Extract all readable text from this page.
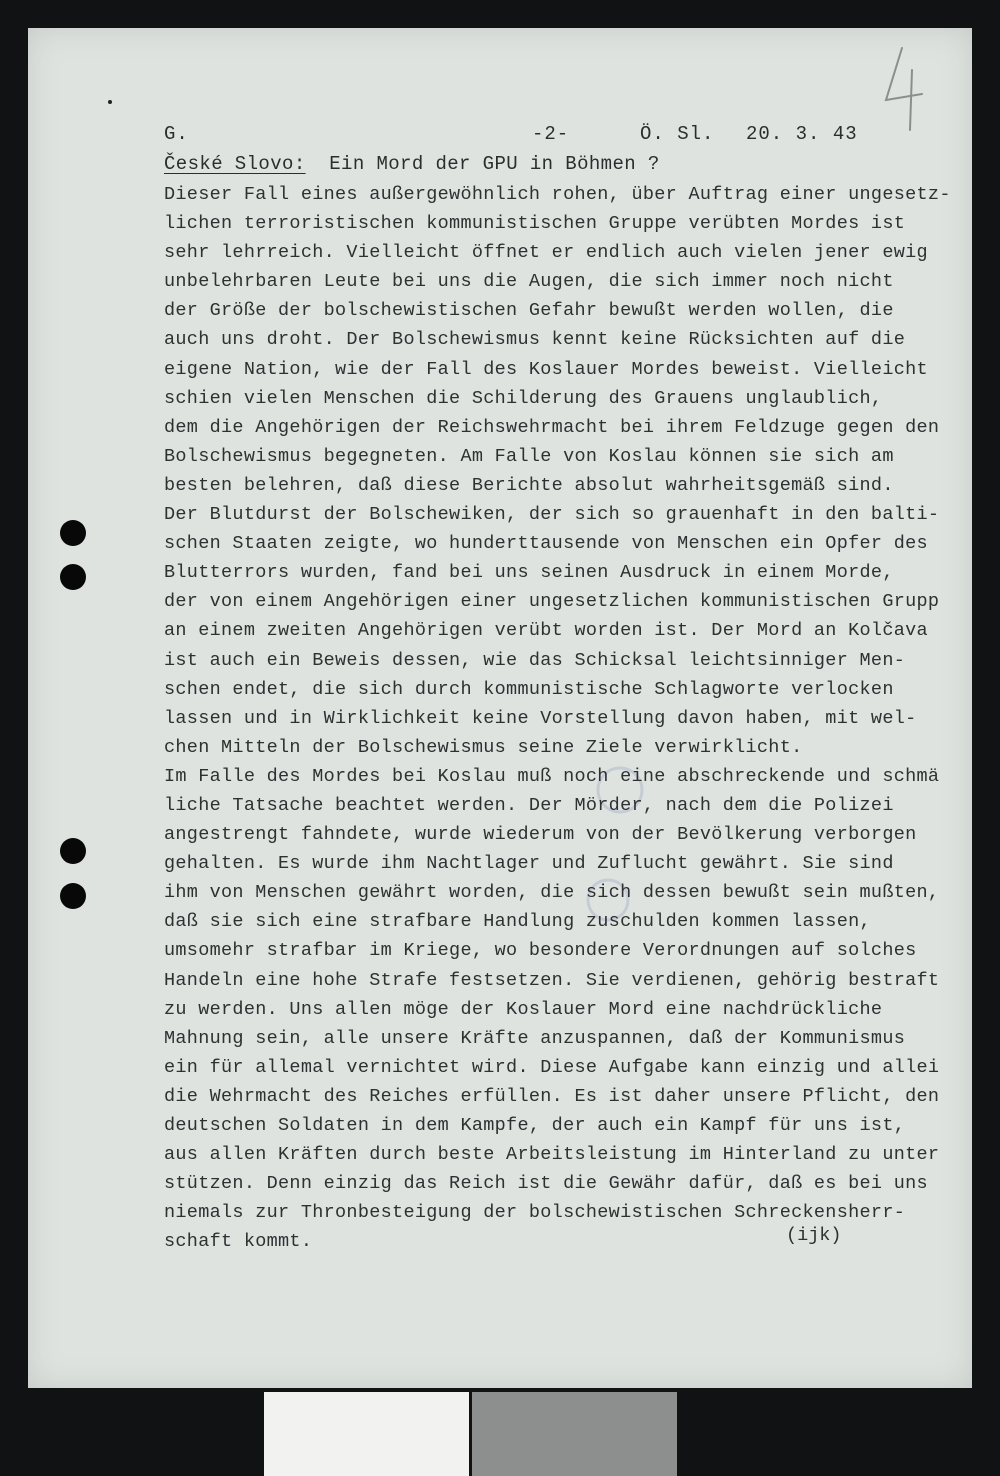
4
G.	-2-	Ö. Sl. 20. 3. 43
České Slovo: Ein Mord der GPU in Böhmen ?
Dieser Fall eines außergewöhnlich rohen, über Auftrag einer ungesetz-
lichen terroristischen kommunistischen Gruppe verübten Mordes ist
sehr lehrreich. Vielleicht öffnet er endlich auch vielen jener ewig
unbelehrbaren Leute bei uns die Augen, die sich immer noch nicht
der Größe der bolschewistischen Gefahr bewußt werden wollen, die
auch uns droht. Der Bolschewismus kennt keine Rücksichten auf die
eigene Nation, wie der Fall des Koslauer Mordes beweist. Vielleicht
schien vielen Menschen die Schilderung des Grauens unglaublich,
dem die Angehörigen der Reichswehrmacht bei ihrem Feldzuge gegen den
Bolschewismus begegneten. Am Falle von Koslau können sie sich am
besten belehren, daß diese Berichte absolut wahrheitsgemäß sind.
Der Blutdurst der Bolschewiken, der sich so grauenhaft in den balti-
schen Staaten zeigte, wo hunderttausende von Menschen ein Opfer des
Blutterrors wurden, fand bei uns seinen Ausdruck in einem Morde,
der von einem Angehörigen einer ungesetzlichen kommunistischen Grupp
an einem zweiten Angehörigen verübt worden ist. Der Mord an Kolčava
ist auch ein Beweis dessen, wie das Schicksal leichtsinniger Men-
schen endet, die sich durch kommunistische Schlagworte verlocken
lassen und in Wirklichkeit keine Vorstellung davon haben, mit wel-
chen Mitteln der Bolschewismus seine Ziele verwirklicht.
Im Falle des Mordes bei Koslau muß noch eine abschreckende und schmä
liche Tatsache beachtet werden. Der Mörder, nach dem die Polizei
angestrengt fahndete, wurde wiederum von der Bevölkerung verborgen
gehalten. Es wurde ihm Nachtlager und Zuflucht gewährt. Sie sind
ihm von Menschen gewährt worden, die sich dessen bewußt sein mußten,
daß sie sich eine strafbare Handlung zuschulden kommen lassen,
umsomehr strafbar im Kriege, wo besondere Verordnungen auf solches
Handeln eine hohe Strafe festsetzen. Sie verdienen, gehörig bestraft
zu werden. Uns allen möge der Koslauer Mord eine nachdrückliche
Mahnung sein, alle unsere Kräfte anzuspannen, daß der Kommunismus
ein für allemal vernichtet wird. Diese Aufgabe kann einzig und allei
die Wehrmacht des Reiches erfüllen. Es ist daher unsere Pflicht, den
deutschen Soldaten in dem Kampfe, der auch ein Kampf für uns ist,
aus allen Kräften durch beste Arbeitsleistung im Hinterland zu unter
stützen. Denn einzig das Reich ist die Gewähr dafür, daß es bei uns
niemals zur Thronbesteigung der bolschewistischen Schreckensherr-
schaft kommt.	(ijk)
